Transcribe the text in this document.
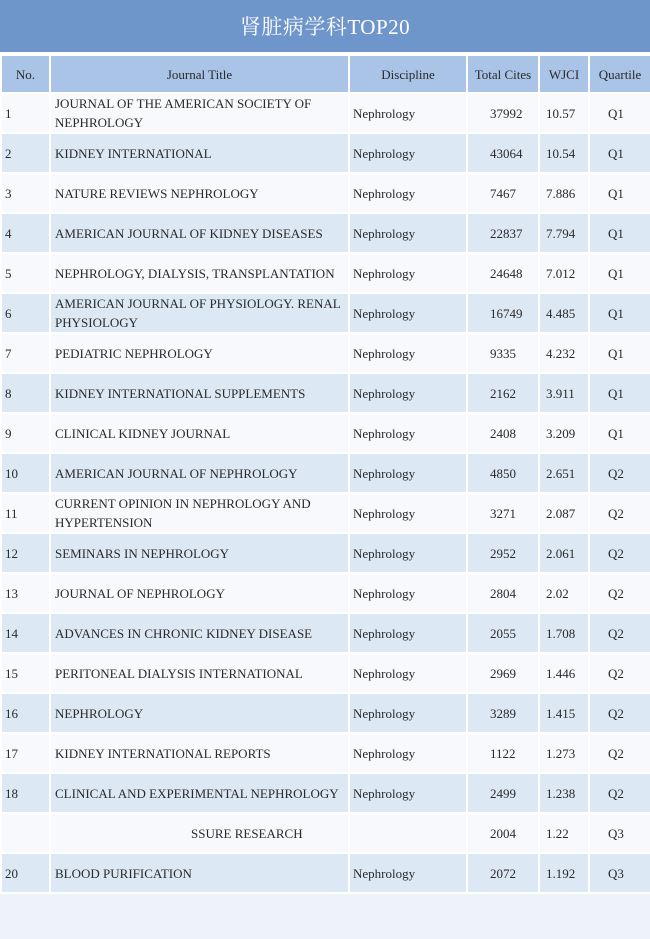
肾脏病学科TOP20
No.	Journal Title	Discipline	Total Cites	WJCI	Quartile
1	JOURNAL OF THE AMERICAN SOCIETY OF NEPHROLOGY	Nephrology	37992	10.57	Q1
2	KIDNEY INTERNATIONAL	Nephrology	43064	10.54	Q1
3	NATURE REVIEWS NEPHROLOGY	Nephrology	7467	7.886	Q1
4	AMERICAN JOURNAL OF KIDNEY DISEASES	Nephrology	22837	7.794	Q1
5	NEPHROLOGY, DIALYSIS, TRANSPLANTATION	Nephrology	24648	7.012	Q1
6	AMERICAN JOURNAL OF PHYSIOLOGY. RENAL PHYSIOLOGY	Nephrology	16749	4.485	Q1
7	PEDIATRIC NEPHROLOGY	Nephrology	9335	4.232	Q1
8	KIDNEY INTERNATIONAL SUPPLEMENTS	Nephrology	2162	3.911	Q1
9	CLINICAL KIDNEY JOURNAL	Nephrology	2408	3.209	Q1
10	AMERICAN JOURNAL OF NEPHROLOGY	Nephrology	4850	2.651	Q2
11	CURRENT OPINION IN NEPHROLOGY AND HYPERTENSION	Nephrology	3271	2.087	Q2
12	SEMINARS IN NEPHROLOGY	Nephrology	2952	2.061	Q2
13	JOURNAL OF NEPHROLOGY	Nephrology	2804	2.02	Q2
14	ADVANCES IN CHRONIC KIDNEY DISEASE	Nephrology	2055	1.708	Q2
15	PERITONEAL DIALYSIS INTERNATIONAL	Nephrology	2969	1.446	Q2
16	NEPHROLOGY	Nephrology	3289	1.415	Q2
17	KIDNEY INTERNATIONAL REPORTS	Nephrology	1122	1.273	Q2
18	CLINICAL AND EXPERIMENTAL NEPHROLOGY	Nephrology	2499	1.238	Q2
	SSURE RESEARCH		2004	1.22	Q3
20	BLOOD PURIFICATION	Nephrology	2072	1.192	Q3
